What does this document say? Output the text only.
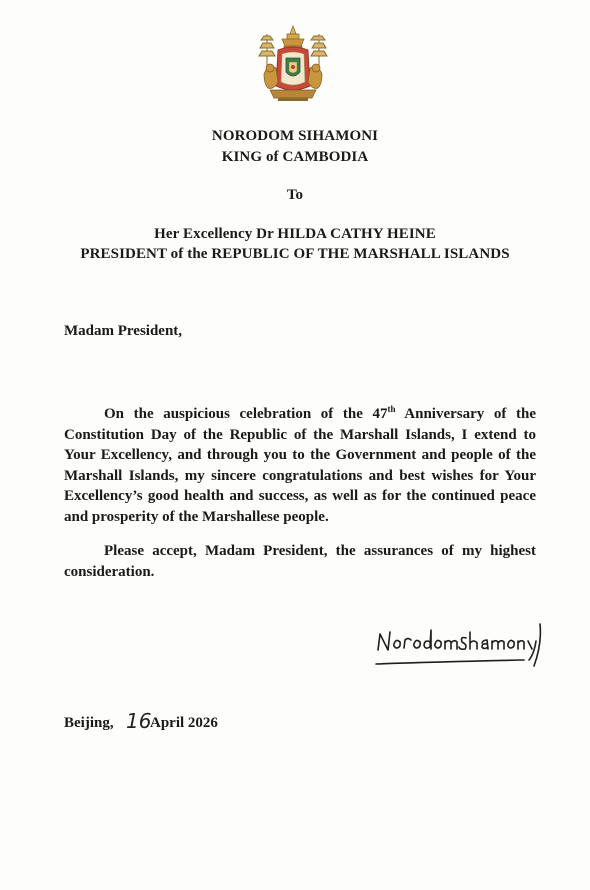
NORODOM SIHAMONI
KING of CAMBODIA
To
Her Excellency Dr HILDA CATHY HEINE
PRESIDENT of the REPUBLIC OF THE MARSHALL ISLANDS
Madam President,
On the auspicious celebration of the 47th Anniversary of the Constitution Day of the Republic of the Marshall Islands, I extend to Your Excellency, and through you to the Government and people of the Marshall Islands, my sincere congratulations and best wishes for Your Excellency’s good health and success, as well as for the continued peace and prosperity of the Marshallese people.
Please accept, Madam President, the assurances of my highest consideration.
Beijing, 16
April 2026
